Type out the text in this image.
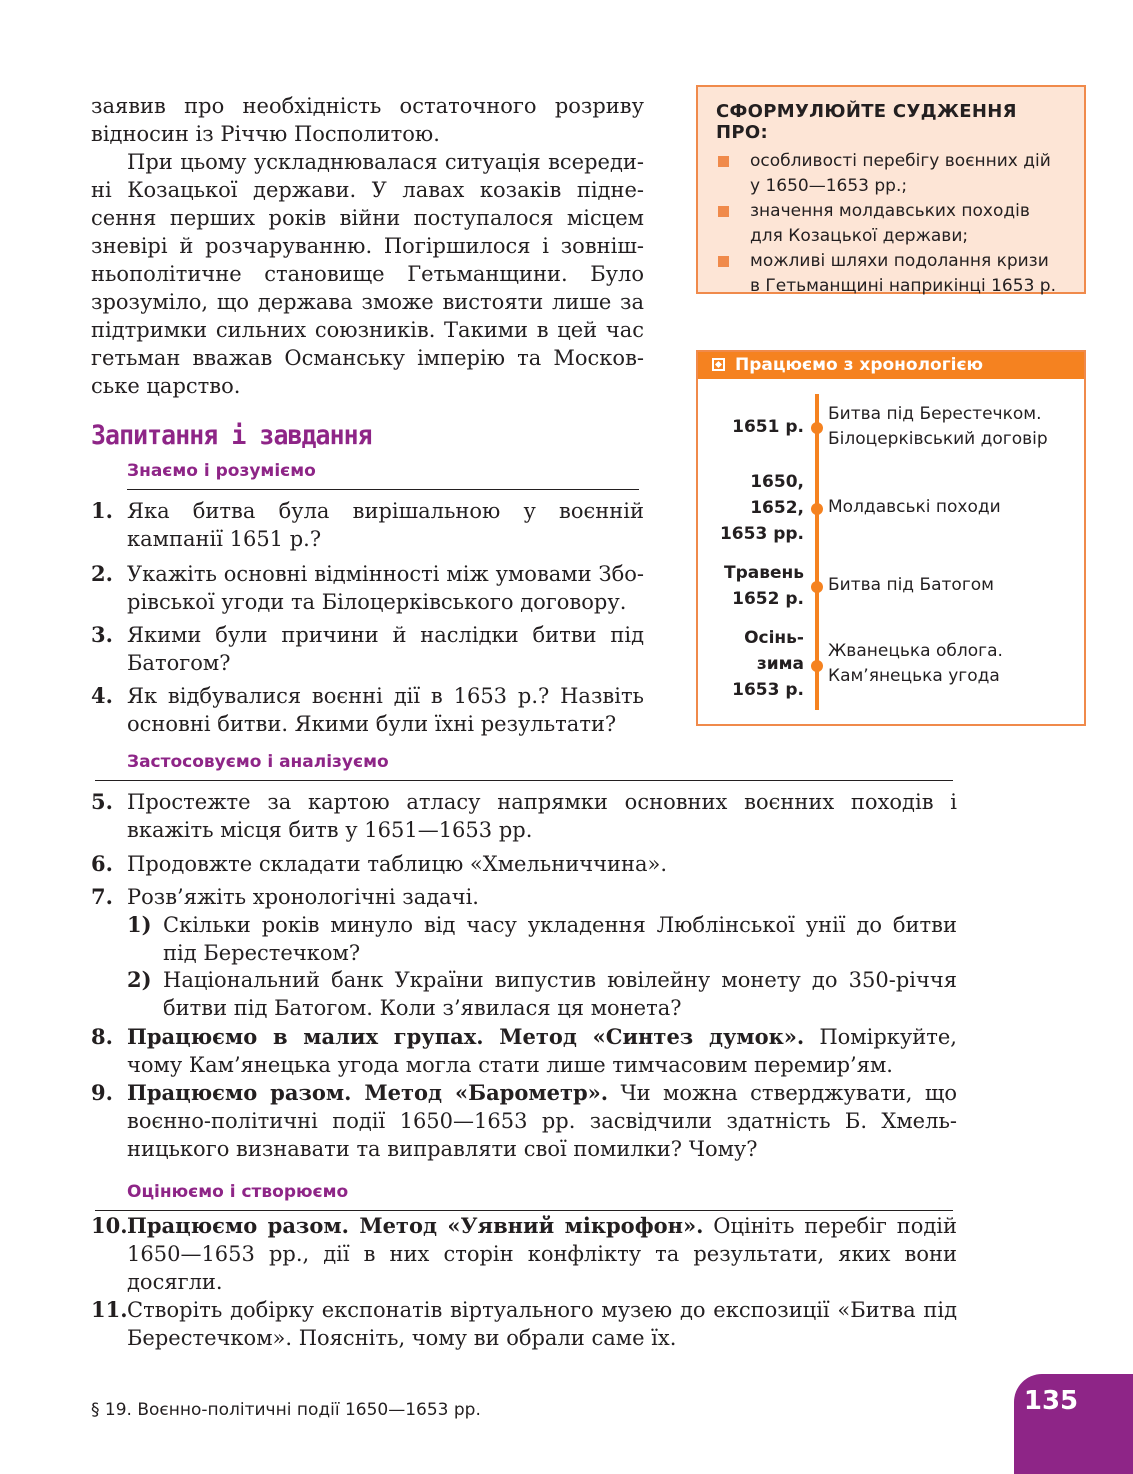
заявив про необхідність остаточного розриву відносин із Річчю Посполитою.

При цьому ускладнювалася ситуація всередині Козацької держави. У лавах козаків піднесення перших років війни поступалося місцем зневірі й розчаруванню. Погіршилося і зовнішньополітичне становище Гетьманщини. Було зрозуміло, що держава зможе вистояти лише за підтримки сильних союзників. Такими в цей час гетьман вважав Османську імперію та Московське царство.

СФОРМУЛЮЙТЕ СУДЖЕННЯ ПРО:
особливості перебігу воєнних дій
у 1650—1653 рр.;
значення молдавських походів
для Козацької держави;
можливі шляхи подолання кризи
в Гетьманщині наприкінці 1653 р.
Працюємо з хронологією
1651 р.
Битва під Берестечком.
Білоцерківський договір
1650,
1652,
1653 рр.
Молдавські походи
Травень
1652 р.
Битва під Батогом
Осінь-
зима
1653 р.
Жванецька облога.
Кам’янецька угода
Запитання і завдання
Знаємо і розуміємо
1. Яка битва була вирішальною у воєнній кампанії 1651 р.?
2. Укажіть основні відмінності між умовами Зборівської угоди та Білоцерківського договору.
3. Якими були причини й наслідки битви під Батогом?
4. Як відбувалися воєнні дії в 1653 р.? Назвіть основні битви. Якими були їхні результати?
Застосовуємо і аналізуємо
5. Простежте за картою атласу напрямки основних воєнних походів і вкажіть місця битв у 1651—1653 рр.
6. Продовжте складати таблицю «Хмельниччина».
7. Розв’яжіть хронологічні задачі.
1) Скільки років минуло від часу укладення Люблінської унії до битви під Берестечком?
2) Національний банк України випустив ювілейну монету до 350-річчя битви під Батогом. Коли з’явилася ця монета?
8. Працюємо в малих групах. Метод «Синтез думок». Поміркуйте, чому Кам’янецька угода могла стати лише тимчасовим перемир’ям.
9. Працюємо разом. Метод «Барометр». Чи можна стверджувати, що воєнно-політичні події 1650—1653 рр. засвідчили здатність Б. Хмельницького визнавати та виправляти свої помилки? Чому?
Оцінюємо і створюємо
10. Працюємо разом. Метод «Уявний мікрофон». Оцініть перебіг подій 1650—1653 рр., дії в них сторін конфлікту та результати, яких вони досягли.
11. Створіть добірку експонатів віртуального музею до експозиції «Битва під Берестечком». Поясніть, чому ви обрали саме їх.
§ 19. Воєнно-політичні події 1650—1653 рр.	135
